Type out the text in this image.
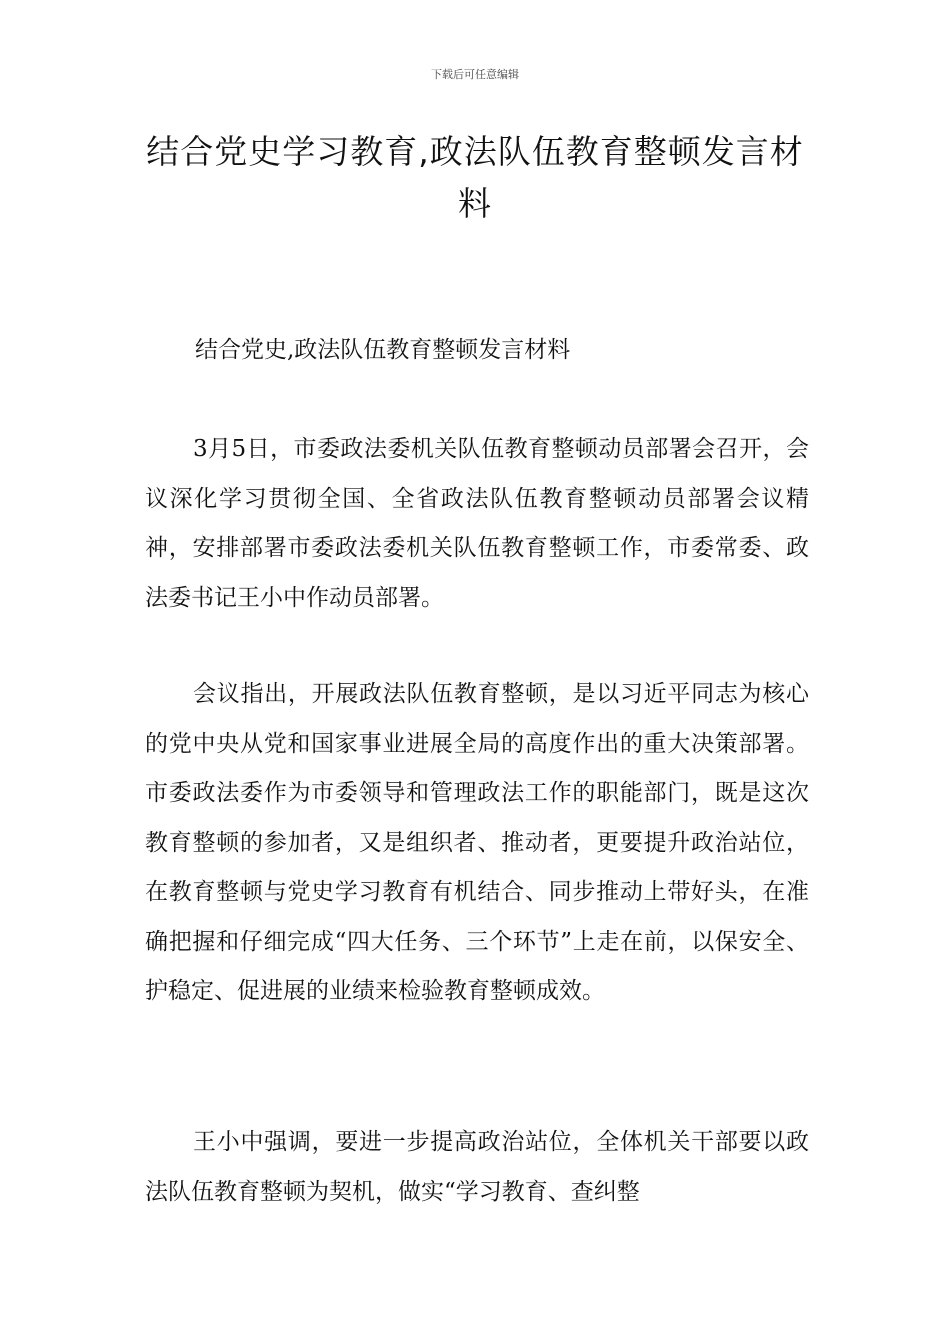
下载后可任意编辑
结合党史学习教育,政法队伍教育整顿发言材料
结合党史,政法队伍教育整顿发言材料

3月5日，市委政法委机关队伍教育整顿动员部署会召开，会议深化学习贯彻全国、全省政法队伍教育整顿动员部署会议精神，安排部署市委政法委机关队伍教育整顿工作，市委常委、政法委书记王小中作动员部署。

会议指出，开展政法队伍教育整顿，是以习近平同志为核心的党中央从党和国家事业进展全局的高度作出的重大决策部署。市委政法委作为市委领导和管理政法工作的职能部门，既是这次教育整顿的参加者，又是组织者、推动者，更要提升政治站位，在教育整顿与党史学习教育有机结合、同步推动上带好头，在准确把握和仔细完成“四大任务、三个环节”上走在前，以保安全、护稳定、促进展的业绩来检验教育整顿成效。

王小中强调，要进一步提高政治站位，全体机关干部要以政法队伍教育整顿为契机，做实“学习教育、查纠整
